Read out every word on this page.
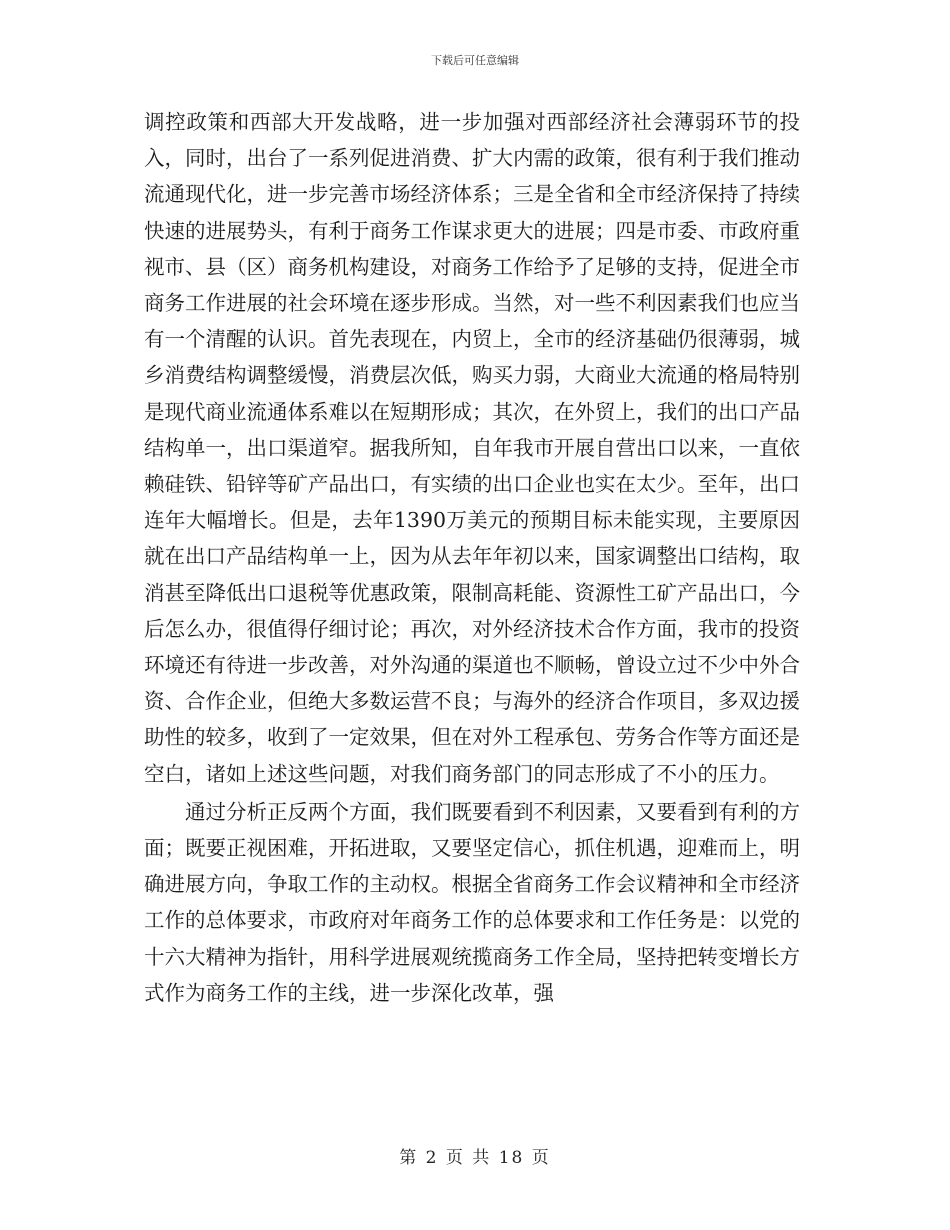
下载后可任意编辑

调控政策和西部大开发战略，进一步加强对西部经济社会薄弱环节的投入，同时，出台了一系列促进消费、扩大内需的政策，很有利于我们推动流通现代化，进一步完善市场经济体系；三是全省和全市经济保持了持续快速的进展势头，有利于商务工作谋求更大的进展；四是市委、市政府重视市、县（区）商务机构建设，对商务工作给予了足够的支持，促进全市商务工作进展的社会环境在逐步形成。当然，对一些不利因素我们也应当有一个清醒的认识。首先表现在，内贸上，全市的经济基础仍很薄弱，城乡消费结构调整缓慢，消费层次低，购买力弱，大商业大流通的格局特别是现代商业流通体系难以在短期形成；其次，在外贸上，我们的出口产品结构单一，出口渠道窄。据我所知，自年我市开展自营出口以来，一直依赖硅铁、铅锌等矿产品出口，有实绩的出口企业也实在太少。至年，出口连年大幅增长。但是，去年1390万美元的预期目标未能实现，主要原因就在出口产品结构单一上，因为从去年年初以来，国家调整出口结构，取消甚至降低出口退税等优惠政策，限制高耗能、资源性工矿产品出口，今后怎么办，很值得仔细讨论；再次，对外经济技术合作方面，我市的投资环境还有待进一步改善，对外沟通的渠道也不顺畅，曾设立过不少中外合资、合作企业，但绝大多数运营不良；与海外的经济合作项目，多双边援助性的较多，收到了一定效果，但在对外工程承包、劳务合作等方面还是空白，诸如上述这些问题，对我们商务部门的同志形成了不小的压力。

通过分析正反两个方面，我们既要看到不利因素，又要看到有利的方面；既要正视困难，开拓进取，又要坚定信心，抓住机遇，迎难而上，明确进展方向，争取工作的主动权。根据全省商务工作会议精神和全市经济工作的总体要求，市政府对年商务工作的总体要求和工作任务是：以党的十六大精神为指针，用科学进展观统揽商务工作全局，坚持把转变增长方式作为商务工作的主线，进一步深化改革，强

第 2 页 共 18 页
